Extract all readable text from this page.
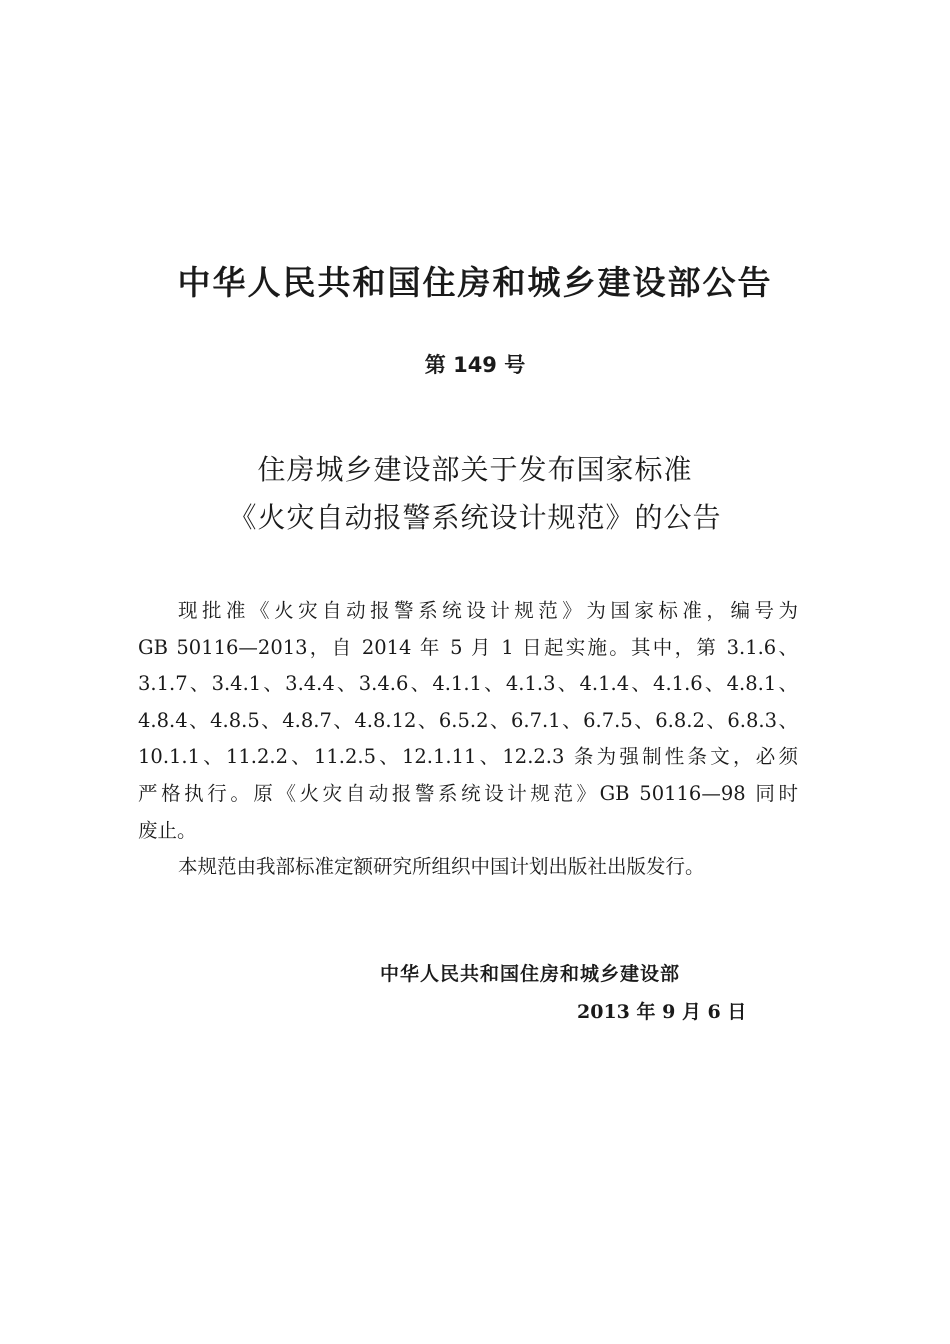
中华人民共和国住房和城乡建设部公告
第 149 号
住房城乡建设部关于发布国家标准
《火灾自动报警系统设计规范》的公告
现批准《火灾自动报警系统设计规范》为国家标准，编号为
GB 50116—2013，自 2014 年 5 月 1 日起实施。其中，第 3.1.6、
3.1.7、3.4.1、3.4.4、3.4.6、4.1.1、4.1.3、4.1.4、4.1.6、4.8.1、
4.8.4、4.8.5、4.8.7、4.8.12、6.5.2、6.7.1、6.7.5、6.8.2、6.8.3、
10.1.1、11.2.2、11.2.5、12.1.11、12.2.3 条为强制性条文，必须
严格执行。原《火灾自动报警系统设计规范》GB 50116—98 同时
废止。
本规范由我部标准定额研究所组织中国计划出版社出版发行。
中华人民共和国住房和城乡建设部
2013 年 9 月 6 日
